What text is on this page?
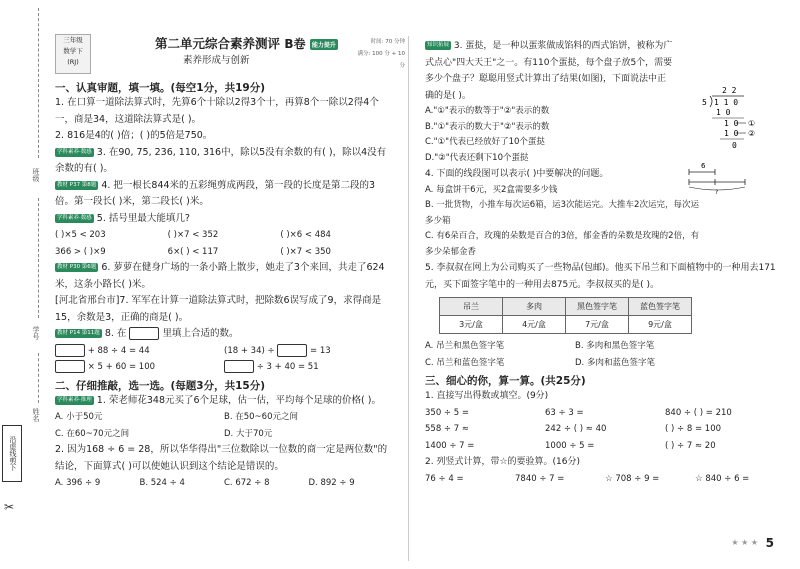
班级
学号
姓名
沿虚线剪下
✂
三年级
数学下
(RJ)
第二单元综合素养测评 B卷 能力提升
素养形成与创新
时间: 70 分钟
满分: 100 分 + 10 分

一、认真审题，填一填。(每空1分，共19分)

1. 在口算一道除法算式时，先算6个十除以2得3个十，再算8个一除以2得4个一，商是34，这道除法算式是( )。

2. 816是4的( )倍；( )的5倍是750。

学科素养·数感 3. 在90, 75, 236, 110, 316中，除以5没有余数的有( )，除以4没有余数的有( )。

教材 P37 第8题 4. 把一根长844米的五彩绳剪成两段，第一段的长度是第二段的3倍。第一段长( )米，第二段长( )米。

学科素养·数感 5. 括号里最大能填几?

( )×5 < 203	( )×7 < 352	( )×6 < 484
366 > ( )×9	6×( ) < 117	( )×7 < 350

教材 P30 第6题 6. 萝萝在健身广场的一条小路上散步，她走了3个来回，共走了624米，这条小路长( )米。

[河北省邢台市]7. 军军在计算一道除法算式时，把除数6误写成了9，求得商是15，余数是3，正确的商是( )。

教材 P14 第11题 8. 在	里填上合适的数。

+ 88 ÷ 4 = 44	(18 + 34) ÷	= 13
× 5 + 60 = 100	÷ 3 + 40 = 51

二、仔细推敲，选一选。(每题3分，共15分)

学科素养·推理 1. 荣老师花348元买了6个足球，估一估，平均每个足球的价格( )。

A. 小于50元	B. 在50~60元之间
C. 在60~70元之间	D. 大于70元

2. 因为168 ÷ 6 = 28，所以华华得出"三位数除以一位数的商一定是两位数"的结论，下面算式( )可以使她认识到这个结论是错误的。

A. 396 ÷ 9	B. 524 ÷ 4	C. 672 ÷ 8	D. 892 ÷ 9

知识拓展 3. 蛋挞，是一种以蛋浆做成馅料的西式馅饼，被称为广式点心"四大天王"之一。有110个蛋挞，每个盘子放5个，需要多少个盘子？聪聪用竖式计算出了结果(如图)，下面说法中正确的是( )。

A."①"表示的数等于"②"表示的数
B."①"表示的数大于"②"表示的数
C."①"代表已经放好了10个蛋挞
D."②"代表还剩下10个蛋挞

4. 下面的线段图可以表示( )中要解决的问题。

A. 每盒饼干6元，买2盒需要多少钱
B. 一批货物，小推车每次运6箱，运3次能运完。大推车2次运完，每次运多少箱
C. 有6朵百合，玫瑰的朵数是百合的3倍，郁金香的朵数是玫瑰的2倍，有多少朵郁金香

5. 李叔叔在网上为公司购买了一些物品(包邮)。他买下吊兰和下面植物中的一种用去171元，买下面签字笔中的一种用去875元。李叔叔买的是( )。

吊兰	多肉	黑色签字笔	蓝色签字笔
3元/盒	4元/盒	7元/盒	9元/盒
A. 吊兰和黑色签字笔	B. 多肉和黑色签字笔
C. 吊兰和蓝色签字笔	D. 多肉和蓝色签字笔

三、细心的你，算一算。(共25分)

1. 直接写出得数或填空。(9分)

350 ÷ 5 =	63 ÷ 3 =	840 ÷ ( ) = 210
558 ÷ 7 ≈	242 ÷ ( ) ≈ 40	( ) ÷ 8 = 100
1400 ÷ 7 =	1000 ÷ 5 =	( ) ÷ 7 ≈ 20

2. 列竖式计算，带☆的要验算。(16分)

76 ÷ 4 =	7840 ÷ 7 =	☆ 708 ÷ 9 =	☆ 840 ÷ 6 =
2 2
5 1 1 0
1 0
1 0 ①
1 0 ②
0
6
?
★ ★ ★ 5
